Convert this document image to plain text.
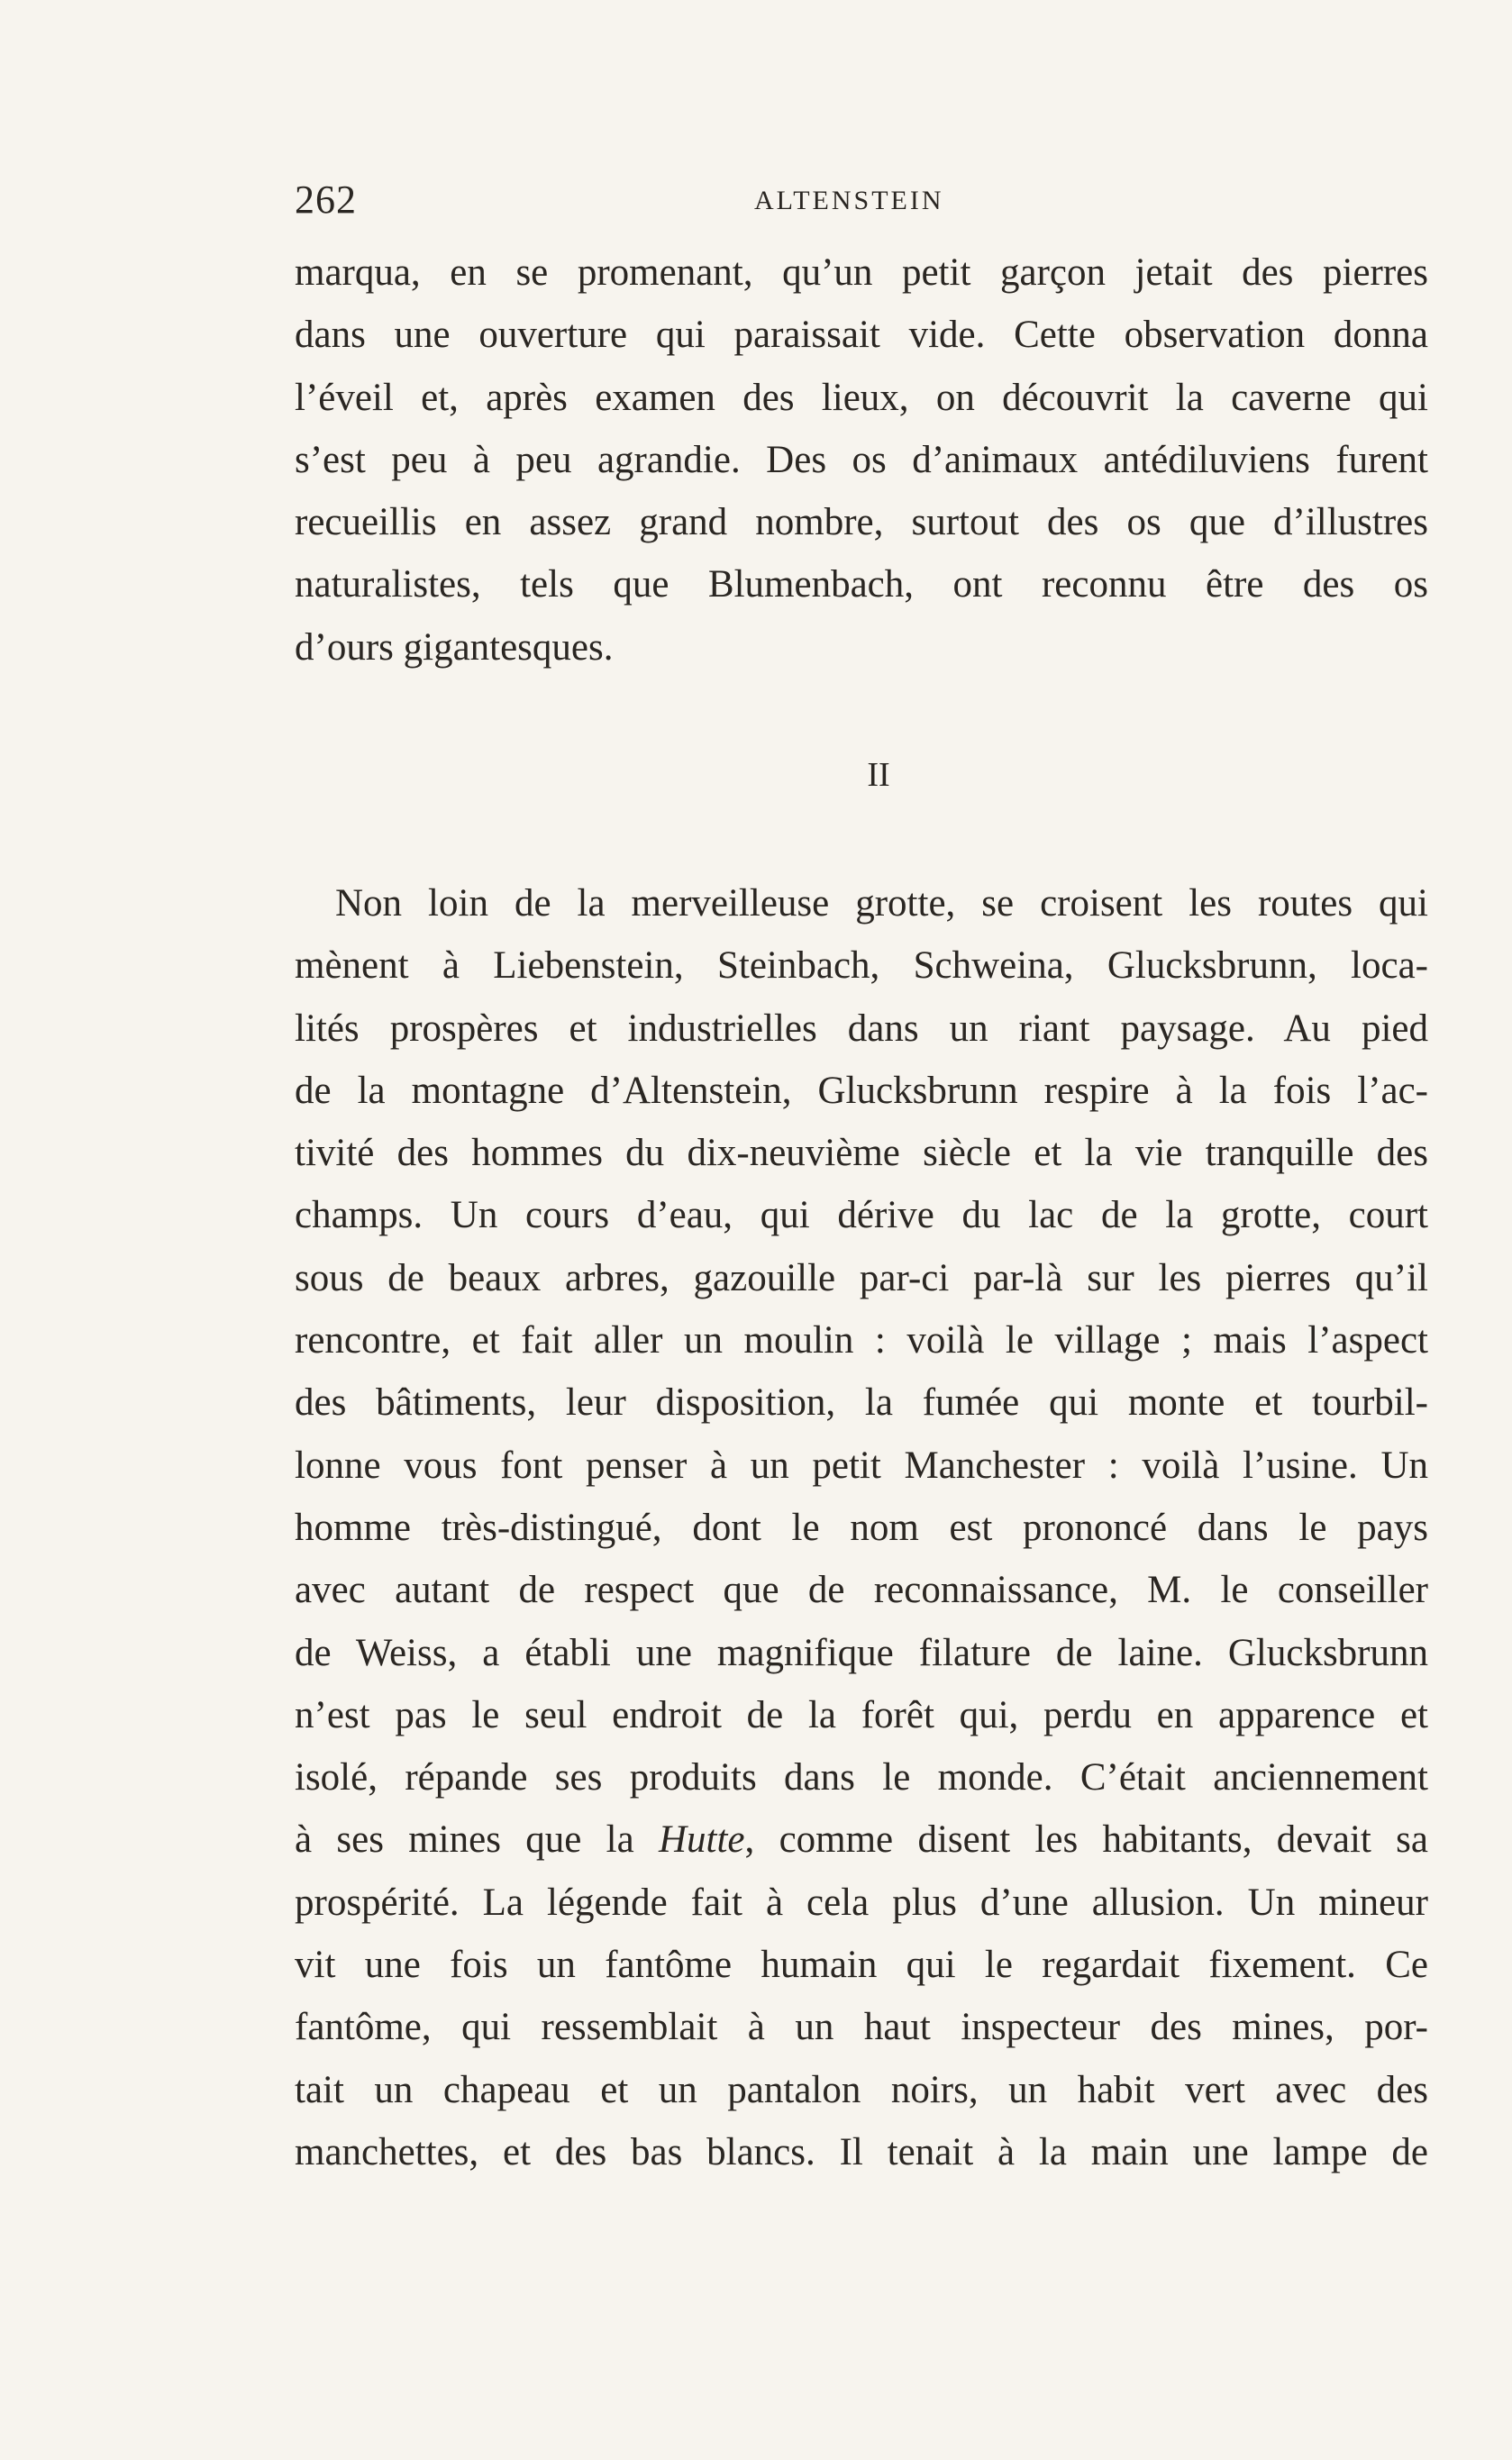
262	ALTENSTEIN
marqua, en se promenant, qu’un petit garçon jetait des pierres
dans une ouverture qui paraissait vide. Cette observation donna
l’éveil et, après examen des lieux, on découvrit la caverne qui
s’est peu à peu agrandie. Des os d’animaux antédiluviens furent
recueillis en assez grand nombre, surtout des os que d’illustres
naturalistes, tels que Blumenbach, ont reconnu être des os
d’ours gigantesques.
II
Non loin de la merveilleuse grotte, se croisent les routes qui
mènent à Liebenstein, Steinbach, Schweina, Glucksbrunn, loca-
lités prospères et industrielles dans un riant paysage. Au pied
de la montagne d’Altenstein, Glucksbrunn respire à la fois l’ac-
tivité des hommes du dix-neuvième siècle et la vie tranquille des
champs. Un cours d’eau, qui dérive du lac de la grotte, court
sous de beaux arbres, gazouille par-ci par-là sur les pierres qu’il
rencontre, et fait aller un moulin : voilà le village ; mais l’aspect
des bâtiments, leur disposition, la fumée qui monte et tourbil-
lonne vous font penser à un petit Manchester : voilà l’usine. Un
homme très-distingué, dont le nom est prononcé dans le pays
avec autant de respect que de reconnaissance, M. le conseiller
de Weiss, a établi une magnifique filature de laine. Glucksbrunn
n’est pas le seul endroit de la forêt qui, perdu en apparence et
isolé, répande ses produits dans le monde. C’était anciennement
à ses mines que la Hutte, comme disent les habitants, devait sa
prospérité. La légende fait à cela plus d’une allusion. Un mineur
vit une fois un fantôme humain qui le regardait fixement. Ce
fantôme, qui ressemblait à un haut inspecteur des mines, por-
tait un chapeau et un pantalon noirs, un habit vert avec des
manchettes, et des bas blancs. Il tenait à la main une lampe de
